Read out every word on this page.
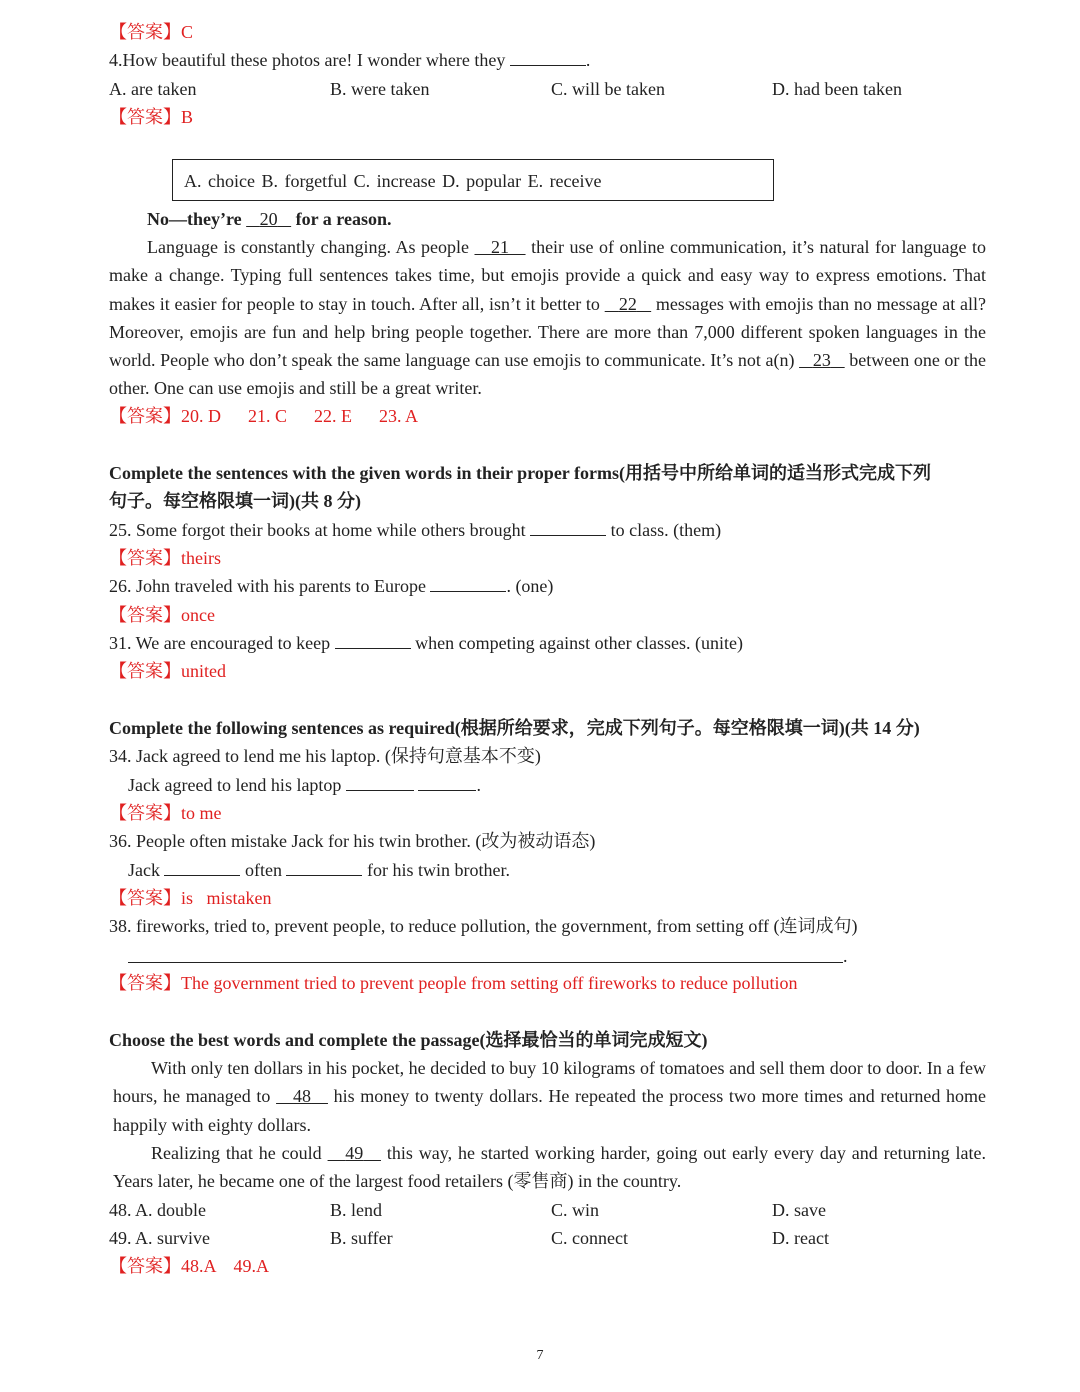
【答案】C
4.How beautiful these photos are! I wonder where they	.
A. are taken	B. were taken	C. will be taken	D. had been taken
【答案】B
A. choice B. forgetful C. increase D. popular E. receive
No—they’re 20 for a reason.
Language is constantly changing. As people 21 their use of online communication, it’s natural for language to make a change. Typing full sentences takes time, but emojis provide a quick and easy way to express emotions. That makes it easier for people to stay in touch. After all, isn’t it better to 22 messages with emojis than no message at all? Moreover, emojis are fun and help bring people together. There are more than 7,000 different spoken languages in the world. People who don’t speak the same language can use emojis to communicate. It’s not a(n) 23 between one or the other. One can use emojis and still be a great writer.
【答案】20. D      21. C      22. E      23. A
Complete the sentences with the given words in their proper forms(用括号中所给单词的适当形式完成下列
句子。每空格限填一词)(共 8 分)
25. Some forgot their books at home while others brought	to class. (them)
【答案】theirs
26. John traveled with his parents to Europe	. (one)
【答案】once
31. We are encouraged to keep	when competing against other classes. (unite)
【答案】united
Complete the following sentences as required(根据所给要求，完成下列句子。每空格限填一词)(共 14 分)
34. Jack agreed to lend me his laptop. (保持句意基本不变)
Jack agreed to lend his laptop	.
【答案】to me
36. People often mistake Jack for his twin brother. (改为被动语态)
Jack	often	for his twin brother.
【答案】is   mistaken
38. fireworks, tried to, prevent people, to reduce pollution, the government, from setting off (连词成句)
.
【答案】The government tried to prevent people from setting off fireworks to reduce pollution
Choose the best words and complete the passage(选择最恰当的单词完成短文)
With only ten dollars in his pocket, he decided to buy 10 kilograms of tomatoes and sell them door to door. In a few hours, he managed to 48 his money to twenty dollars. He repeated the process two more times and returned home happily with eighty dollars.
Realizing that he could 49 this way, he started working harder, going out early every day and returning late. Years later, he became one of the largest food retailers (零售商) in the country.
48. A. double	B. lend	C. win	D. save
49. A. survive	B. suffer	C. connect	D. react
【答案】48.A    49.A
7
